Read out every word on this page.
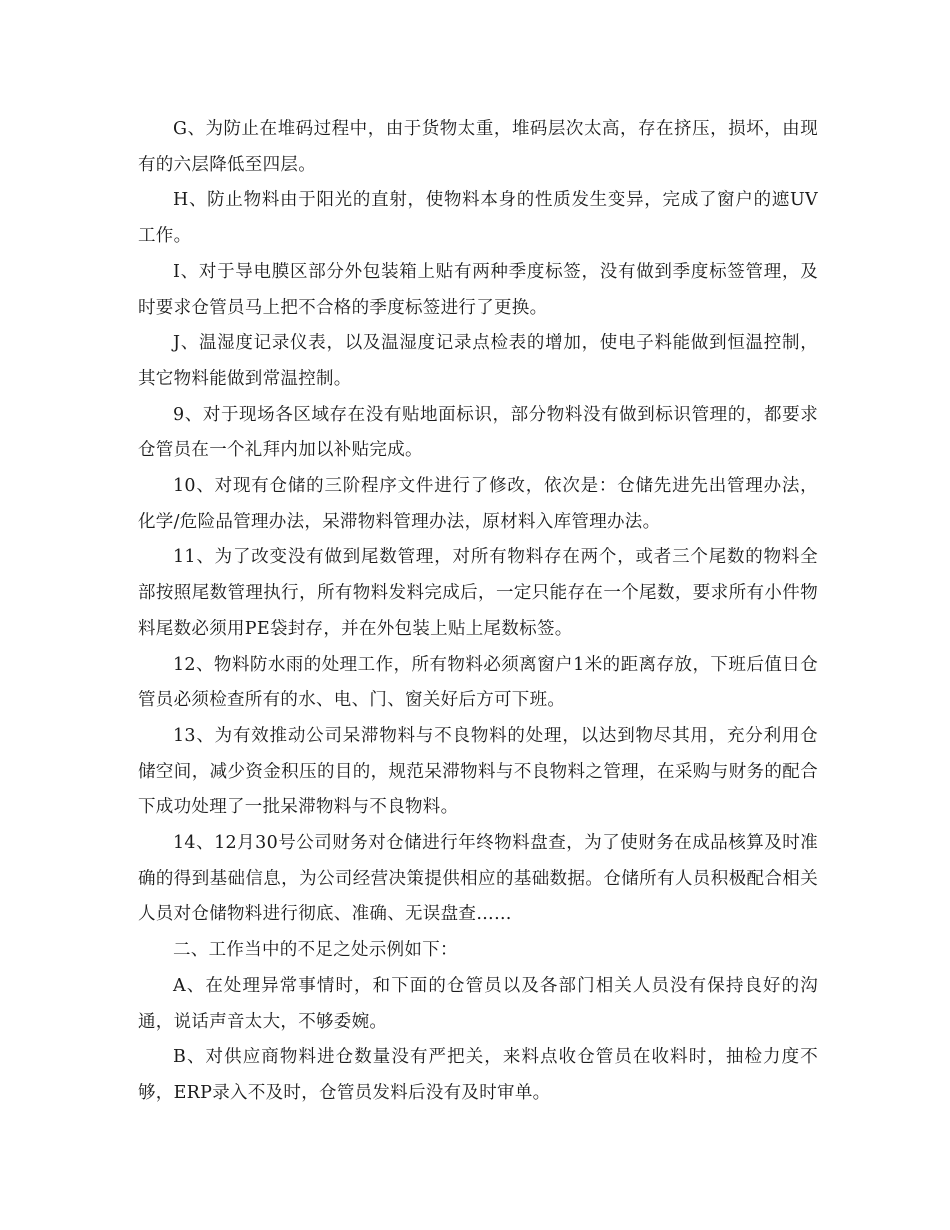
G、为防止在堆码过程中，由于货物太重，堆码层次太高，存在挤压，损坏，由现有的六层降低至四层。

H、防止物料由于阳光的直射，使物料本身的性质发生变异，完成了窗户的遮UV工作。

I、对于导电膜区部分外包装箱上贴有两种季度标签，没有做到季度标签管理，及时要求仓管员马上把不合格的季度标签进行了更换。

J、温湿度记录仪表，以及温湿度记录点检表的增加，使电子料能做到恒温控制，其它物料能做到常温控制。

9、对于现场各区域存在没有贴地面标识，部分物料没有做到标识管理的，都要求仓管员在一个礼拜内加以补贴完成。

10、对现有仓储的三阶程序文件进行了修改，依次是：仓储先进先出管理办法，化学/危险品管理办法，呆滞物料管理办法，原材料入库管理办法。

11、为了改变没有做到尾数管理，对所有物料存在两个，或者三个尾数的物料全部按照尾数管理执行，所有物料发料完成后，一定只能存在一个尾数，要求所有小件物料尾数必须用PE袋封存，并在外包装上贴上尾数标签。

12、物料防水雨的处理工作，所有物料必须离窗户1米的距离存放，下班后值日仓管员必须检查所有的水、电、门、窗关好后方可下班。

13、为有效推动公司呆滞物料与不良物料的处理，以达到物尽其用，充分利用仓储空间，减少资金积压的目的，规范呆滞物料与不良物料之管理，在采购与财务的配合下成功处理了一批呆滞物料与不良物料。

14、12月30号公司财务对仓储进行年终物料盘查，为了使财务在成品核算及时准确的得到基础信息，为公司经营决策提供相应的基础数据。仓储所有人员积极配合相关人员对仓储物料进行彻底、准确、无误盘查……

二、工作当中的不足之处示例如下：

A、在处理异常事情时，和下面的仓管员以及各部门相关人员没有保持良好的沟通，说话声音太大，不够委婉。

B、对供应商物料进仓数量没有严把关，来料点收仓管员在收料时，抽检力度不够，ERP录入不及时，仓管员发料后没有及时审单。
